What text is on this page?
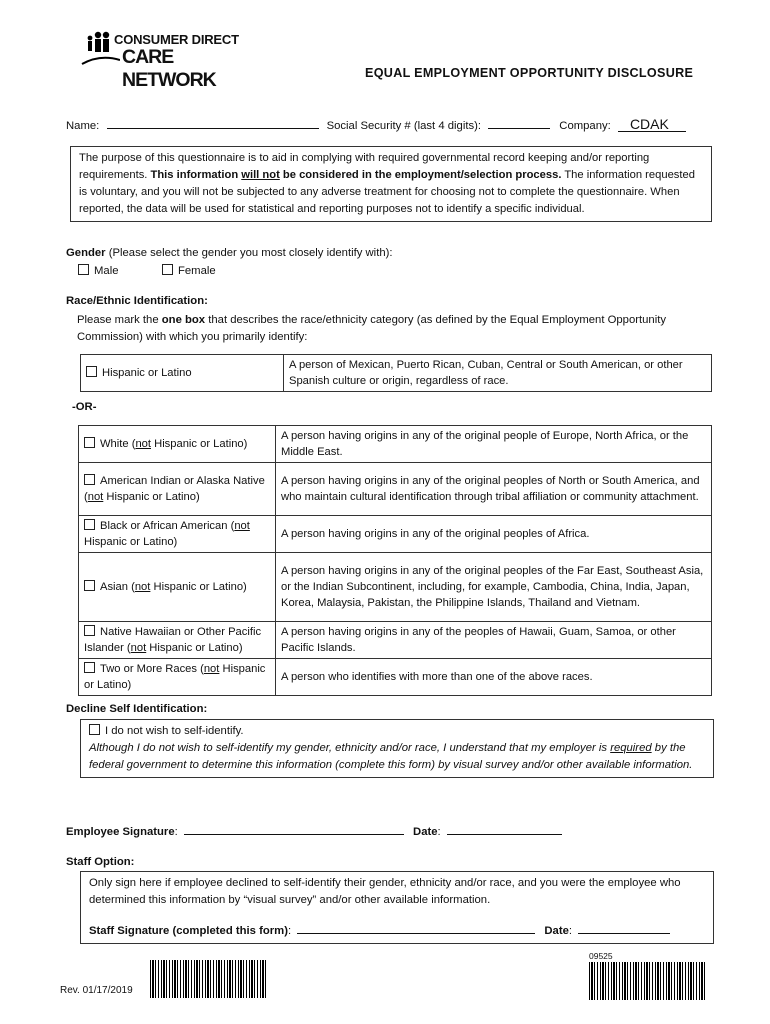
CONSUMER DIRECT
CARE NETWORK	EQUAL EMPLOYMENT OPPORTUNITY DISCLOSURE
Name:	Social Security # (last 4 digits):	Company: CDAK
The purpose of this questionnaire is to aid in complying with required governmental record keeping and/or reporting requirements. This information will not be considered in the employment/selection process. The information requested is voluntary, and you will not be subjected to any adverse treatment for choosing not to complete the questionnaire. When reported, the data will be used for statistical and reporting purposes not to identify a specific individual.
Gender (Please select the gender you most closely identify with):
Male	Female
Race/Ethnic Identification:
Please mark the one box that describes the race/ethnicity category (as defined by the Equal Employment Opportunity Commission) with which you primarily identify:
Hispanic or Latino	A person of Mexican, Puerto Rican, Cuban, Central or South American, or other Spanish culture or origin, regardless of race.
-OR-
White (not Hispanic or Latino)	A person having origins in any of the original people of Europe, North Africa, or the Middle East.
American Indian or Alaska Native (not Hispanic or Latino)	A person having origins in any of the original peoples of North or South America, and who maintain cultural identification through tribal affiliation or community attachment.
Black or African American (not Hispanic or Latino)	A person having origins in any of the original peoples of Africa.
Asian (not Hispanic or Latino)	A person having origins in any of the original peoples of the Far East, Southeast Asia, or the Indian Subcontinent, including, for example, Cambodia, China, India, Japan, Korea, Malaysia, Pakistan, the Philippine Islands, Thailand and Vietnam.
Native Hawaiian or Other Pacific Islander (not Hispanic or Latino)	A person having origins in any of the peoples of Hawaii, Guam, Samoa, or other Pacific Islands.
Two or More Races (not Hispanic or Latino)	A person who identifies with more than one of the above races.
Decline Self Identification:
I do not wish to self-identify.
Although I do not wish to self-identify my gender, ethnicity and/or race, I understand that my employer is required by the federal government to determine this information (complete this form) by visual survey and/or other available information.
Employee Signature:	Date:
Staff Option:
Only sign here if employee declined to self-identify their gender, ethnicity and/or race, and you were the employee who determined this information by “visual survey” and/or other available information.
Staff Signature (completed this form):	Date:
Rev. 01/17/2019
09525
